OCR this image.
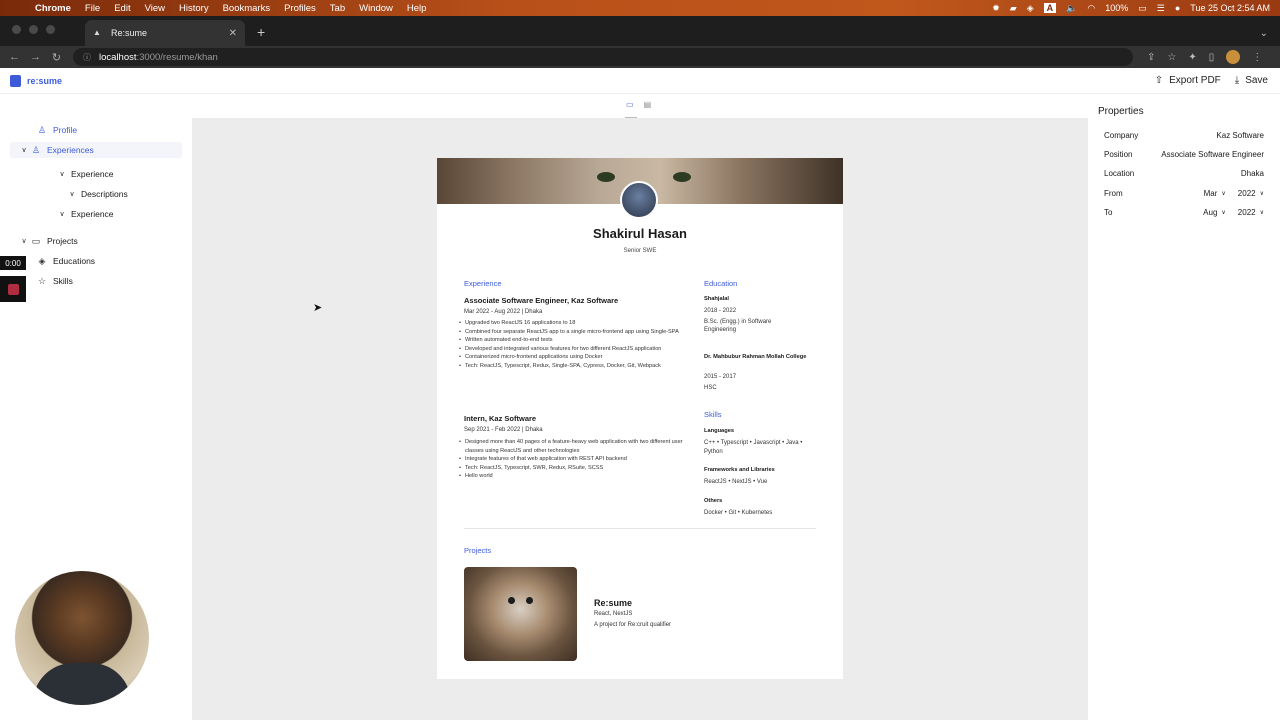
Chrome File Edit View History Bookmarks Profiles Tab Window Help	✹ ▰ ◈	A	🔈 ◠ 100% ▭ ☰ ● Tue 25 Oct 2:54 AM
▲ Re:sume	✕ +	⌄
← → ↻	ⓘ localhost :3000/resume/khan	⇪ ☆ ✦ ▯	⋮
re:sume	⇧ Export PDF ⤓ Save
▭ ▤
♙ Profile
∨ ♙ Experiences
∨ Experience
∨ Descriptions
∨ Experience
∨ ▭ Projects
◈ Educations
☆ Skills
Shakirul Hasan
Senior SWE
Experience
Associate Software Engineer, Kaz Software
Mar 2022 - Aug 2022 | Dhaka
• Upgraded two ReactJS 16 applications to 18
• Combined four separate ReactJS app to a single micro-frontend app using Single-SPA
• Written automated end-to-end tests
• Developed and integrated various features for two different ReactJS application
• Containerized micro-frontend applications using Docker
• Tech: ReactJS, Typescript, Redux, Single-SPA, Cypress, Docker, Git, Webpack
Intern, Kaz Software
Sep 2021 - Feb 2022 | Dhaka
• Designed more than 40 pages of a feature-heavy web application with two different user classes using ReactJS and other technologies
• Integrate features of that web application with REST API backend
• Tech: ReactJS, Typescript, SWR, Redux, RSuite, SCSS
• Hello world
Education
Shahjalal
2018 - 2022
B.Sc. (Engg.) in Software Engineering
Dr. Mahbubur Rahman Mollah College
2015 - 2017
HSC
Skills
Languages
C++ • Typescript • Javascript • Java • Python
Frameworks and Libraries
ReactJS • NextJS • Vue
Others
Docker • Git • Kubernetes
Projects
Re:sume
React, NextJS
A project for Re:cruit qualifier
Properties
Company	Kaz Software
Position	Associate Software Engineer
Location	Dhaka
From	Mar ∨ 2022 ∨
To	Aug ∨ 2022 ∨
0:00
➤
